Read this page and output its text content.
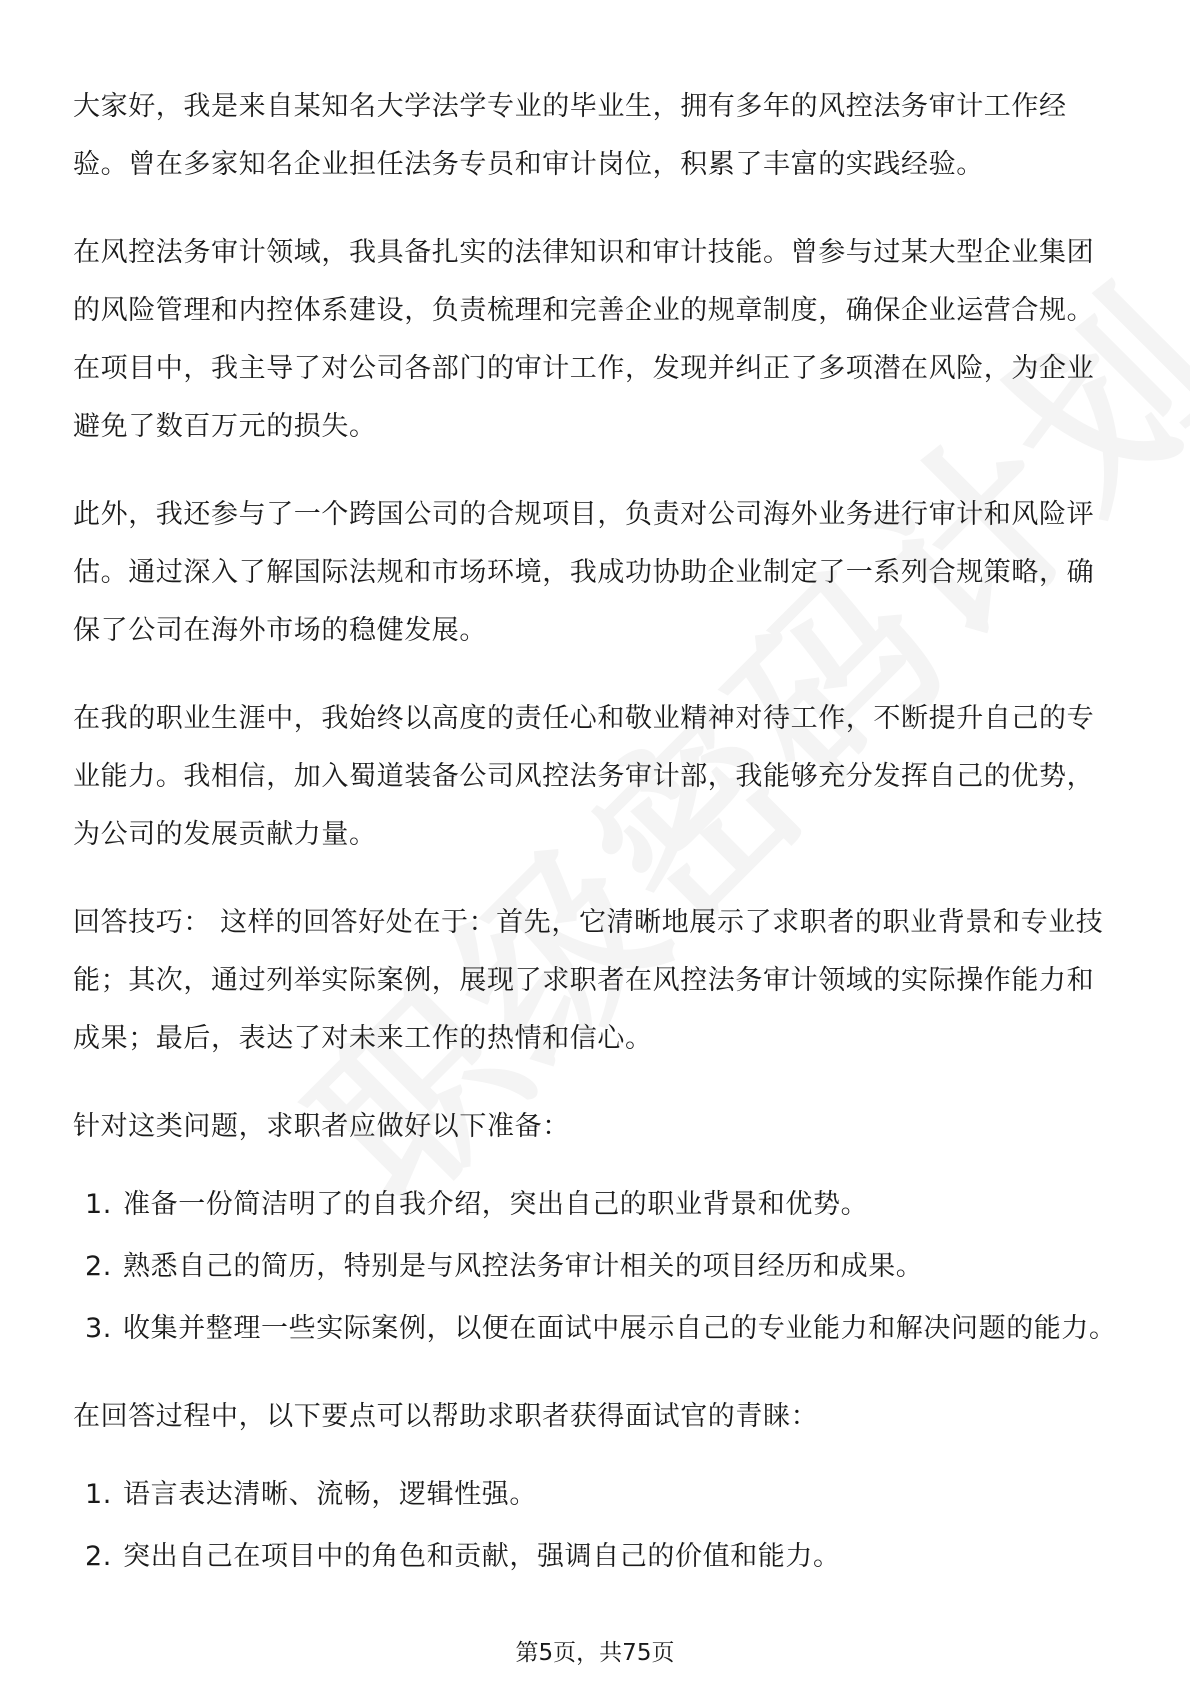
大家好，我是来自某知名大学法学专业的毕业生，拥有多年的风控法务审计工作经验。曾在多家知名企业担任法务专员和审计岗位，积累了丰富的实践经验。

在风控法务审计领域，我具备扎实的法律知识和审计技能。曾参与过某大型企业集团的风险管理和内控体系建设，负责梳理和完善企业的规章制度，确保企业运营合规。在项目中，我主导了对公司各部门的审计工作，发现并纠正了多项潜在风险，为企业避免了数百万元的损失。

此外，我还参与了一个跨国公司的合规项目，负责对公司海外业务进行审计和风险评估。通过深入了解国际法规和市场环境，我成功协助企业制定了一系列合规策略，确保了公司在海外市场的稳健发展。

在我的职业生涯中，我始终以高度的责任心和敬业精神对待工作，不断提升自己的专业能力。我相信，加入蜀道装备公司风控法务审计部，我能够充分发挥自己的优势，为公司的发展贡献力量。

回答技巧： 这样的回答好处在于：首先，它清晰地展示了求职者的职业背景和专业技能；其次，通过列举实际案例，展现了求职者在风控法务审计领域的实际操作能力和成果；最后，表达了对未来工作的热情和信心。

针对这类问题，求职者应做好以下准备：

1. 准备一份简洁明了的自我介绍，突出自己的职业背景和优势。
2. 熟悉自己的简历，特别是与风控法务审计相关的项目经历和成果。
3. 收集并整理一些实际案例，以便在面试中展示自己的专业能力和解决问题的能力。

在回答过程中，以下要点可以帮助求职者获得面试官的青睐：

1. 语言表达清晰、流畅，逻辑性强。
2. 突出自己在项目中的角色和贡献，强调自己的价值和能力。
第5页，共75页
